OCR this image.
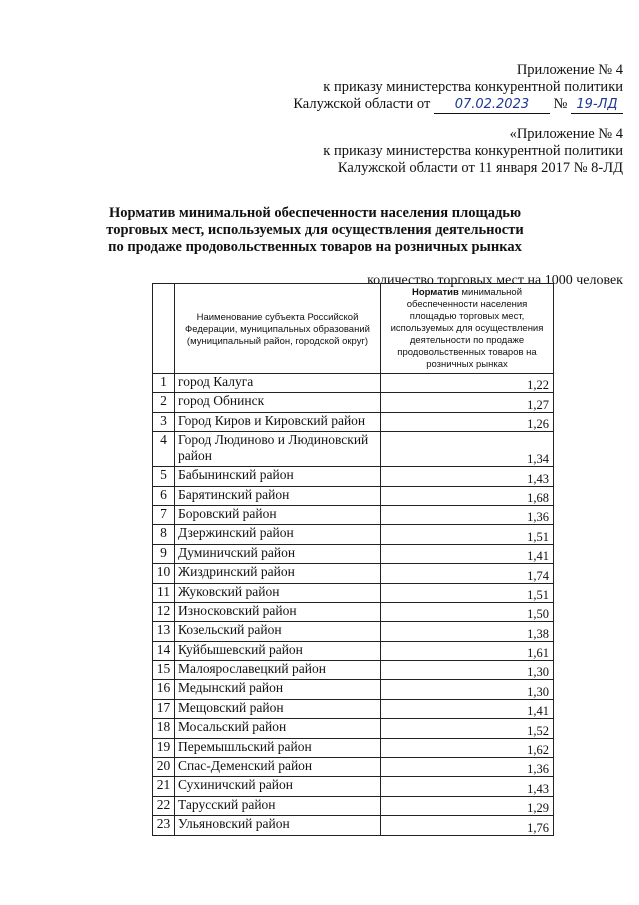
Приложение № 4
к приказу министерства конкурентной политики
Калужской области от 07.02.2023 № 19-ЛД
«Приложение № 4
к приказу министерства конкурентной политики
Калужской области от 11 января 2017 № 8-ЛД
Норматив минимальной обеспеченности населения площадью торговых мест, используемых для осуществления деятельности по продаже продовольственных товаров на розничных рынках
количество торговых мест на 1000 человек
	Наименование субъекта Российской Федерации, муниципальных образований (муниципальный район, городской округ)	Норматив минимальной обеспеченности населения площадью торговых мест, используемых для осуществления деятельности по продаже продовольственных товаров на розничных рынках
1	город Калуга	1,22
2	город Обнинск	1,27
3	Город Киров и Кировский район	1,26
4	Город Людиново и Людиновский район	1,34
5	Бабынинский район	1,43
6	Барятинский район	1,68
7	Боровский район	1,36
8	Дзержинский район	1,51
9	Думиничский район	1,41
10	Жиздринский район	1,74
11	Жуковский район	1,51
12	Износковский район	1,50
13	Козельский район	1,38
14	Куйбышевский район	1,61
15	Малоярославецкий район	1,30
16	Медынский район	1,30
17	Мещовский район	1,41
18	Мосальский район	1,52
19	Перемышльский район	1,62
20	Спас-Деменский район	1,36
21	Сухиничский район	1,43
22	Тарусский район	1,29
23	Ульяновский район	1,76
